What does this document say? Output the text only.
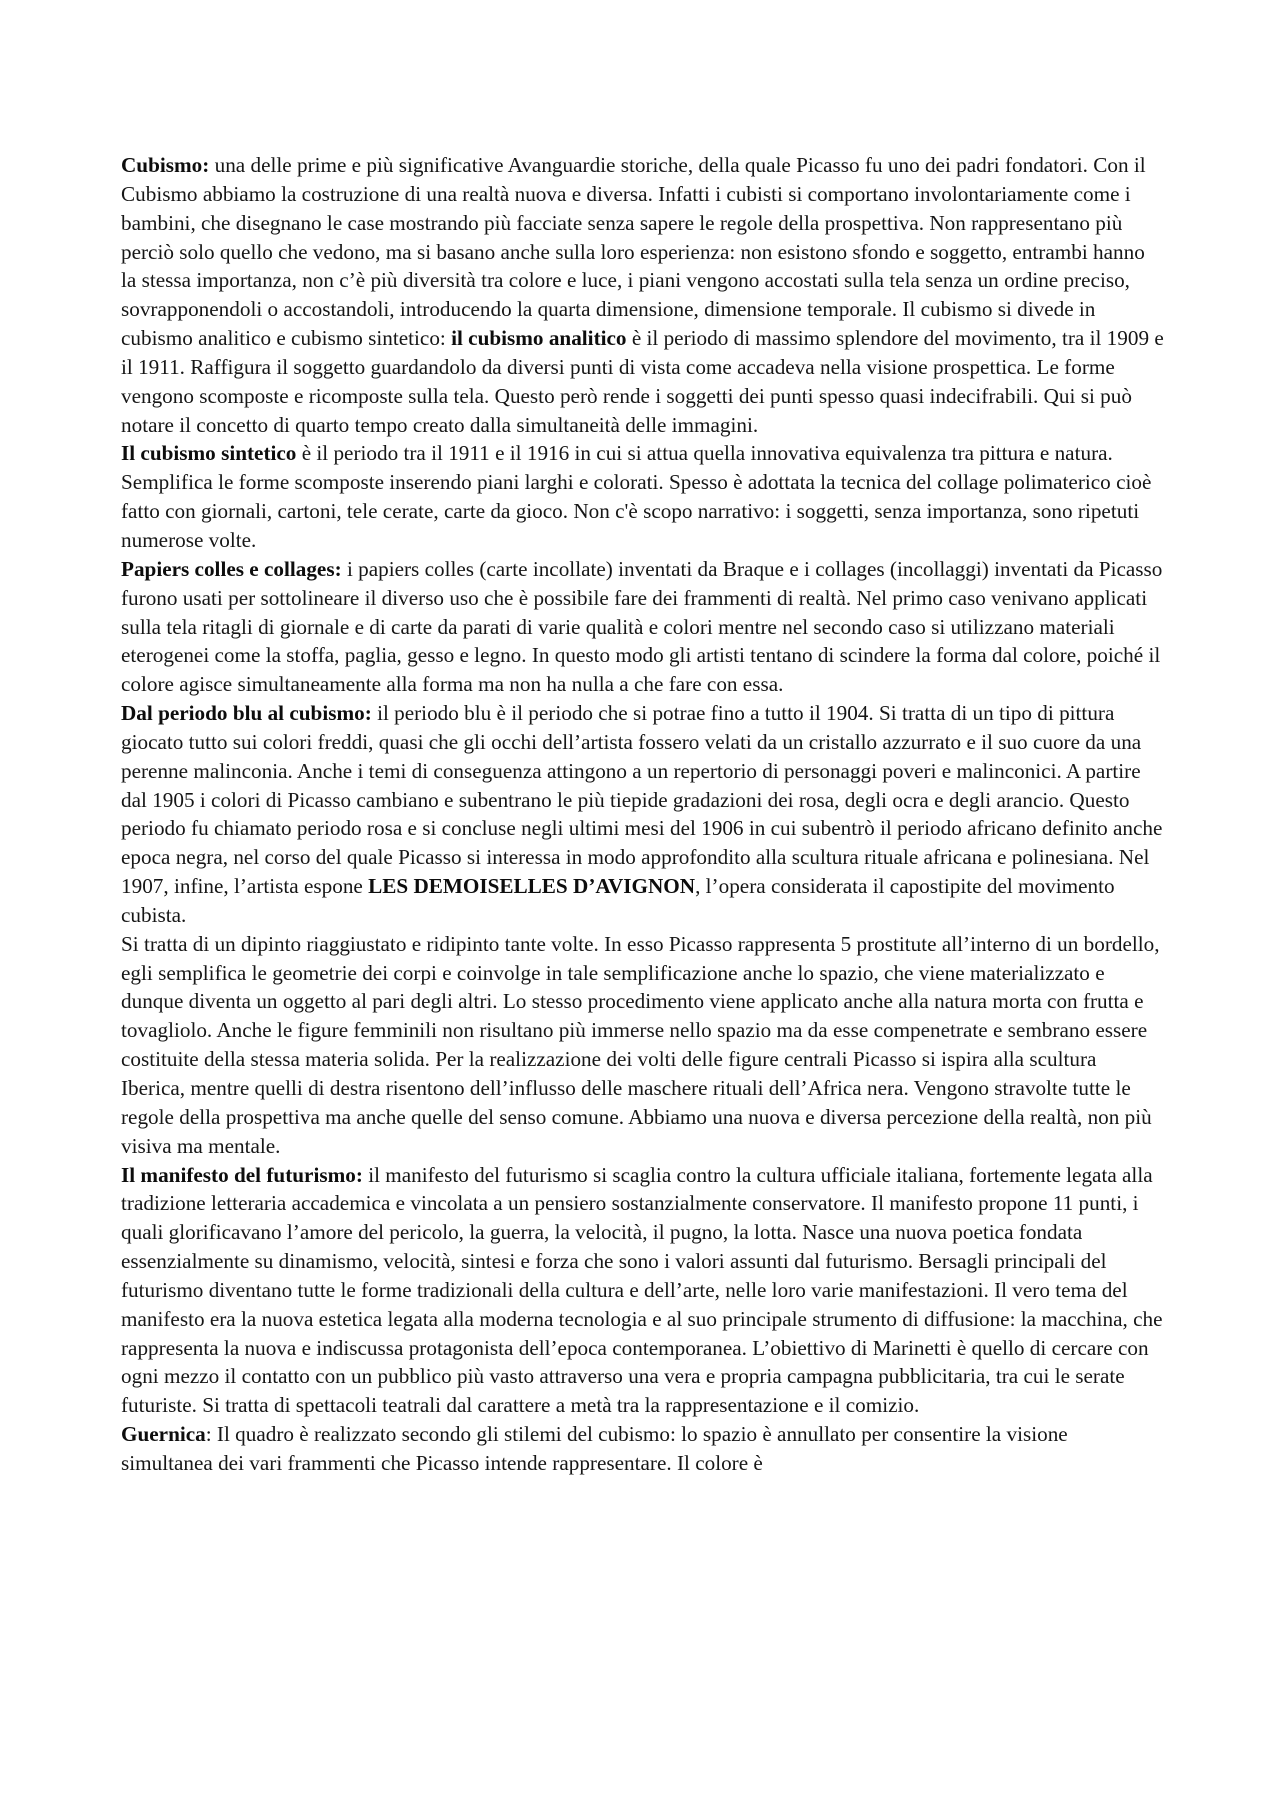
Cubismo: una delle prime e più significative Avanguardie storiche, della quale Picasso fu uno dei padri fondatori. Con il Cubismo abbiamo la costruzione di una realtà nuova e diversa. Infatti i cubisti si comportano involontariamente come i bambini, che disegnano le case mostrando più facciate senza sapere le regole della prospettiva. Non rappresentano più perciò solo quello che vedono, ma si basano anche sulla loro esperienza: non esistono sfondo e soggetto, entrambi hanno la stessa importanza, non c’è più diversità tra colore e luce, i piani vengono accostati sulla tela senza un ordine preciso, sovrapponendoli o accostandoli, introducendo la quarta dimensione, dimensione temporale. Il cubismo si divede in cubismo analitico e cubismo sintetico: il cubismo analitico è il periodo di massimo splendore del movimento, tra il 1909 e il 1911. Raffigura il soggetto guardandolo da diversi punti di vista come accadeva nella visione prospettica. Le forme vengono scomposte e ricomposte sulla tela. Questo però rende i soggetti dei punti spesso quasi indecifrabili. Qui si può notare il concetto di quarto tempo creato dalla simultaneità delle immagini.

Il cubismo sintetico è il periodo tra il 1911 e il 1916 in cui si attua quella innovativa equivalenza tra pittura e natura. Semplifica le forme scomposte inserendo piani larghi e colorati. Spesso è adottata la tecnica del collage polimaterico cioè fatto con giornali, cartoni, tele cerate, carte da gioco. Non c'è scopo narrativo: i soggetti, senza importanza, sono ripetuti numerose volte.

Papiers colles e collages: i papiers colles (carte incollate) inventati da Braque e i collages (incollaggi) inventati da Picasso furono usati per sottolineare il diverso uso che è possibile fare dei frammenti di realtà. Nel primo caso venivano applicati sulla tela ritagli di giornale e di carte da parati di varie qualità e colori mentre nel secondo caso si utilizzano materiali eterogenei come la stoffa, paglia, gesso e legno. In questo modo gli artisti tentano di scindere la forma dal colore, poiché il colore agisce simultaneamente alla forma ma non ha nulla a che fare con essa.

Dal periodo blu al cubismo: il periodo blu è il periodo che si potrae fino a tutto il 1904. Si tratta di un tipo di pittura giocato tutto sui colori freddi, quasi che gli occhi dell’artista fossero velati da un cristallo azzurrato e il suo cuore da una perenne malinconia. Anche i temi di conseguenza attingono a un repertorio di personaggi poveri e malinconici. A partire dal 1905 i colori di Picasso cambiano e subentrano le più tiepide gradazioni dei rosa, degli ocra e degli arancio. Questo periodo fu chiamato periodo rosa e si concluse negli ultimi mesi del 1906 in cui subentrò il periodo africano definito anche epoca negra, nel corso del quale Picasso si interessa in modo approfondito alla scultura rituale africana e polinesiana. Nel 1907, infine, l’artista espone LES DEMOISELLES D’AVIGNON, l’opera considerata il capostipite del movimento cubista.

Si tratta di un dipinto riaggiustato e ridipinto tante volte. In esso Picasso rappresenta 5 prostitute all’interno di un bordello, egli semplifica le geometrie dei corpi e coinvolge in tale semplificazione anche lo spazio, che viene materializzato e dunque diventa un oggetto al pari degli altri. Lo stesso procedimento viene applicato anche alla natura morta con frutta e tovagliolo. Anche le figure femminili non risultano più immerse nello spazio ma da esse compenetrate e sembrano essere costituite della stessa materia solida. Per la realizzazione dei volti delle figure centrali Picasso si ispira alla scultura Iberica, mentre quelli di destra risentono dell’influsso delle maschere rituali dell’Africa nera. Vengono stravolte tutte le regole della prospettiva ma anche quelle del senso comune. Abbiamo una nuova e diversa percezione della realtà, non più visiva ma mentale.

Il manifesto del futurismo: il manifesto del futurismo si scaglia contro la cultura ufficiale italiana, fortemente legata alla tradizione letteraria accademica e vincolata a un pensiero sostanzialmente conservatore. Il manifesto propone 11 punti, i quali glorificavano l’amore del pericolo, la guerra, la velocità, il pugno, la lotta. Nasce una nuova poetica fondata essenzialmente su dinamismo, velocità, sintesi e forza che sono i valori assunti dal futurismo. Bersagli principali del futurismo diventano tutte le forme tradizionali della cultura e dell’arte, nelle loro varie manifestazioni. Il vero tema del manifesto era la nuova estetica legata alla moderna tecnologia e al suo principale strumento di diffusione: la macchina, che rappresenta la nuova e indiscussa protagonista dell’epoca contemporanea. L’obiettivo di Marinetti è quello di cercare con ogni mezzo il contatto con un pubblico più vasto attraverso una vera e propria campagna pubblicitaria, tra cui le serate futuriste. Si tratta di spettacoli teatrali dal carattere a metà tra la rappresentazione e il comizio.

Guernica: Il quadro è realizzato secondo gli stilemi del cubismo: lo spazio è annullato per consentire la visione simultanea dei vari frammenti che Picasso intende rappresentare. Il colore è
